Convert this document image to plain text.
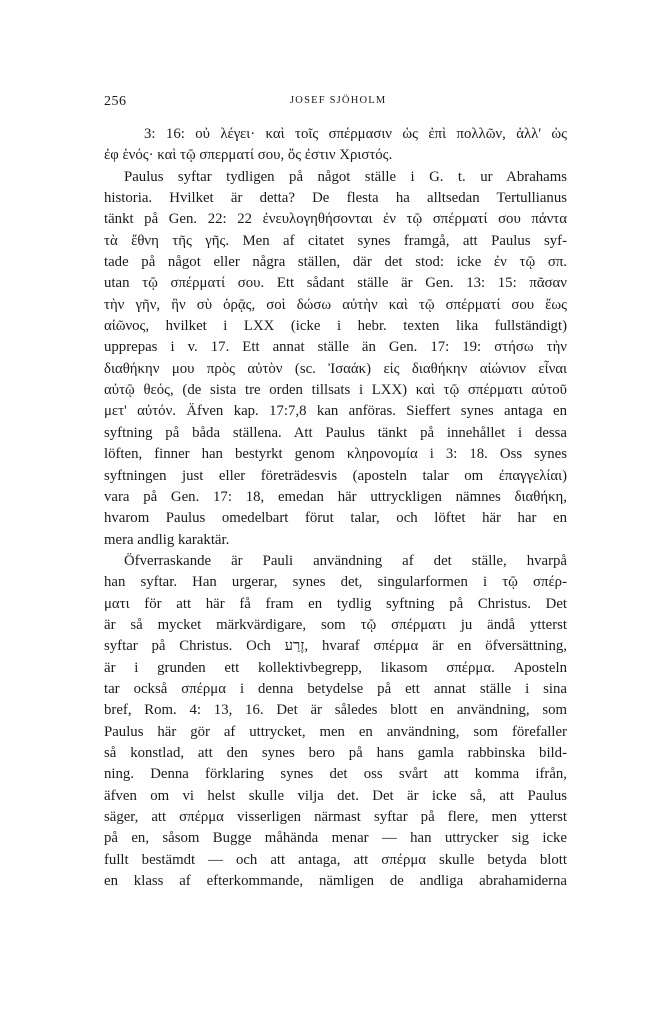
256	JOSEF SJÖHOLM
3: 16: οὐ λέγει· καὶ τοῖς σπέρμασιν ὡς ἐπὶ πολλῶν, ἀλλ' ὡς
ἐφ ἑνός· καὶ τῷ σπερματί σου, ὅς ἐστιν Χριστός.
Paulus syftar tydligen på något ställe i G. t. ur Abrahams
historia. Hvilket är detta? De flesta ha alltsedan Tertullianus
tänkt på Gen. 22: 22 ἐνευλογηθήσονται ἐν τῷ σπέρματί σου πάντα
τὰ ἔθνη τῆς γῆς. Men af citatet synes framgå, att Paulus syf-
tade på något eller några ställen, där det stod: icke ἐν τῷ σπ.
utan τῷ σπέρματί σου. Ett sådant ställe är Gen. 13: 15: πᾶσαν
τὴν γῆν, ἣν σὺ ὁρᾷς, σοὶ δώσω αὐτὴν καὶ τῷ σπέρματί σου ἕως
αἰῶνος, hvilket i LXX (icke i hebr. texten lika fullständigt)
upprepas i v. 17. Ett annat ställe än Gen. 17: 19: στήσω τὴν
διαθήκην μου πρὸς αὐτὸν (sc. Ἰσαάκ) εἰς διαθήκην αἰώνιον εἶναι
αὐτῷ θεός, (de sista tre orden tillsats i LXX) καὶ τῷ σπέρματι αὐτοῦ
μετ' αὐτόν. Äfven kap. 17:7,8 kan anföras. Sieffert synes antaga en
syftning på båda ställena. Att Paulus tänkt på innehållet i dessa
löften, finner han bestyrkt genom κληρονομία i 3: 18. Oss synes
syftningen just eller företrädesvis (aposteln talar om ἐπαγγελίαι)
vara på Gen. 17: 18, emedan här uttryckligen nämnes διαθήκη,
hvarom Paulus omedelbart förut talar, och löftet här har en
mera andlig karaktär.
Öfverraskande är Pauli användning af det ställe, hvarpå
han syftar. Han urgerar, synes det, singularformen i τῷ σπέρ-
ματι för att här få fram en tydlig syftning på Christus. Det
är så mycket märkvärdigare, som τῷ σπέρματι ju ändå ytterst
syftar på Christus. Och זֶרַע, hvaraf σπέρμα är en öfversättning,
är i grunden ett kollektivbegrepp, likasom σπέρμα. Aposteln
tar också σπέρμα i denna betydelse på ett annat ställe i sina
bref, Rom. 4: 13, 16. Det är således blott en användning, som
Paulus här gör af uttrycket, men en användning, som förefaller
så konstlad, att den synes bero på hans gamla rabbinska bild-
ning. Denna förklaring synes det oss svårt att komma ifrån,
äfven om vi helst skulle vilja det. Det är icke så, att Paulus
säger, att σπέρμα visserligen närmast syftar på flere, men ytterst
på en, såsom Bugge måhända menar — han uttrycker sig icke
fullt bestämdt — och att antaga, att σπέρμα skulle betyda blott
en klass af efterkommande, nämligen de andliga abrahamiderna
